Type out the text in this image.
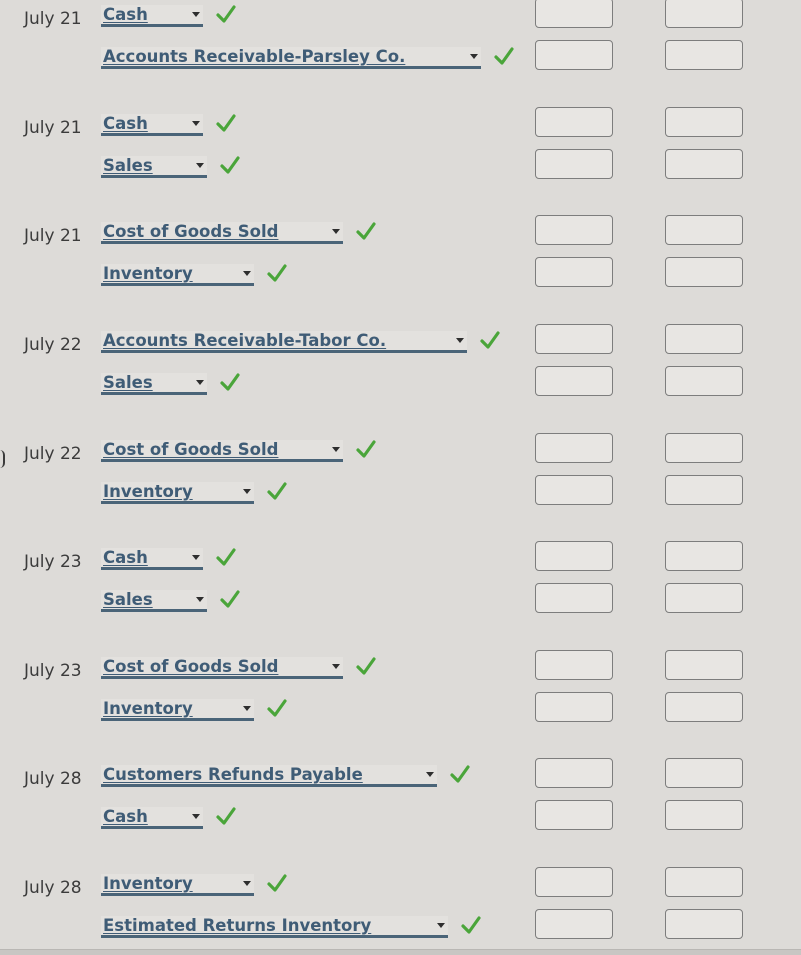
July 21 Cash
Accounts Receivable-Parsley Co.
July 21 Cash
Sales
July 21 Cost of Goods Sold
Inventory
July 22 Accounts Receivable-Tabor Co.
Sales
July 22 Cost of Goods Sold
Inventory
July 23 Cash
Sales
July 23 Cost of Goods Sold
Inventory
July 28 Customers Refunds Payable
Cash
July 28 Inventory
Estimated Returns Inventory
